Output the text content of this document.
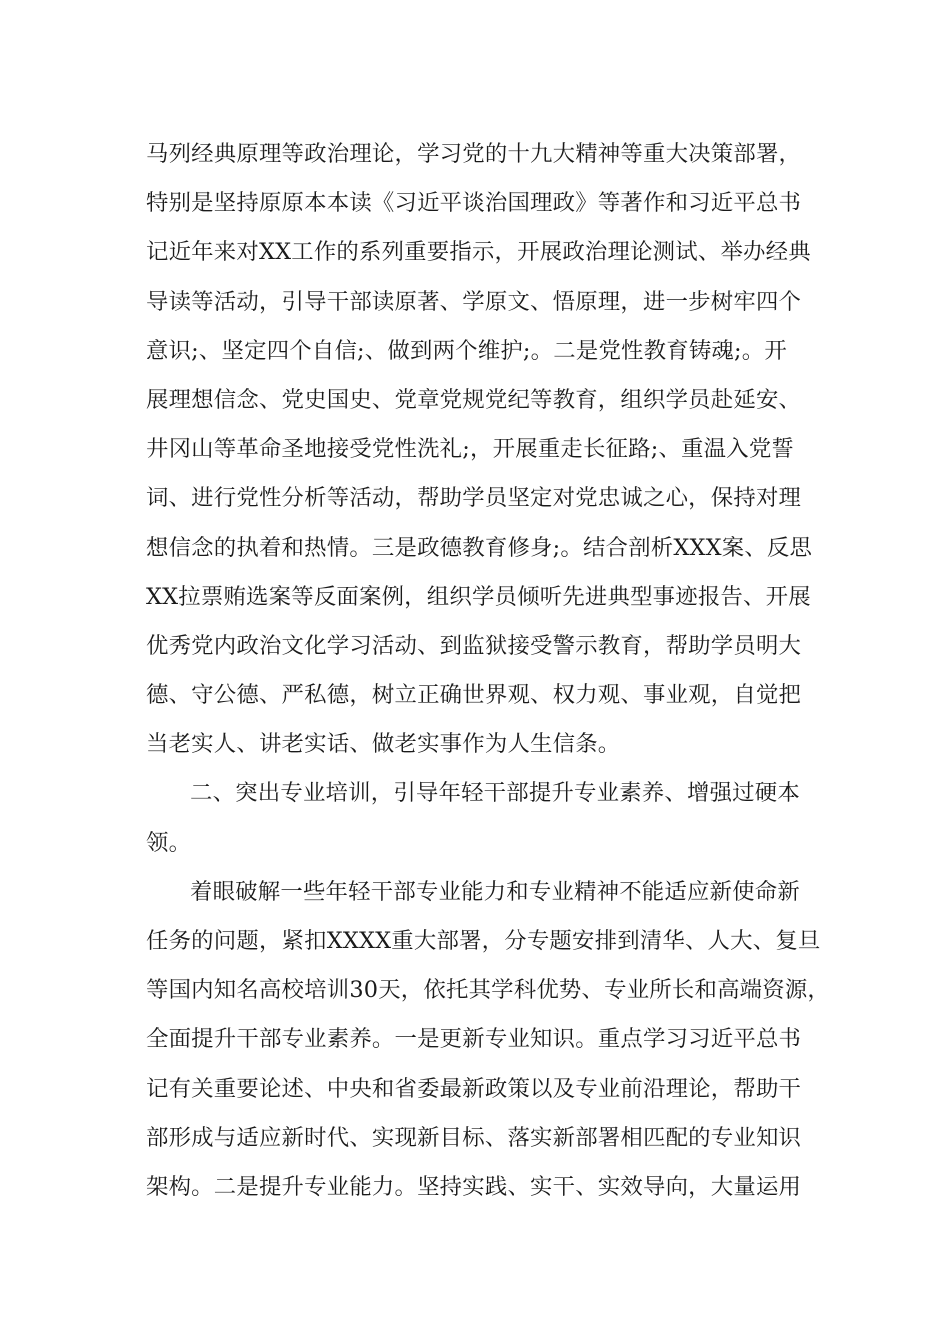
马列经典原理等政治理论，学习党的十九大精神等重大决策部署，
特别是坚持原原本本读《习近平谈治国理政》等著作和习近平总书
记近年来对XX工作的系列重要指示，开展政治理论测试、举办经典
导读等活动，引导干部读原著、学原文、悟原理，进一步树牢四个
意识;、坚定四个自信;、做到两个维护;。二是党性教育铸魂;。开
展理想信念、党史国史、党章党规党纪等教育，组织学员赴延安、
井冈山等革命圣地接受党性洗礼;，开展重走长征路;、重温入党誓
词、进行党性分析等活动，帮助学员坚定对党忠诚之心，保持对理
想信念的执着和热情。三是政德教育修身;。结合剖析XXX案、反思
XX拉票贿选案等反面案例，组织学员倾听先进典型事迹报告、开展
优秀党内政治文化学习活动、到监狱接受警示教育，帮助学员明大
德、守公德、严私德，树立正确世界观、权力观、事业观，自觉把
当老实人、讲老实话、做老实事作为人生信条。
二、突出专业培训，引导年轻干部提升专业素养、增强过硬本
领。
着眼破解一些年轻干部专业能力和专业精神不能适应新使命新
任务的问题，紧扣XXXX重大部署，分专题安排到清华、人大、复旦
等国内知名高校培训30天，依托其学科优势、专业所长和高端资源，
全面提升干部专业素养。一是更新专业知识。重点学习习近平总书
记有关重要论述、中央和省委最新政策以及专业前沿理论，帮助干
部形成与适应新时代、实现新目标、落实新部署相匹配的专业知识
架构。二是提升专业能力。坚持实践、实干、实效导向，大量运用
